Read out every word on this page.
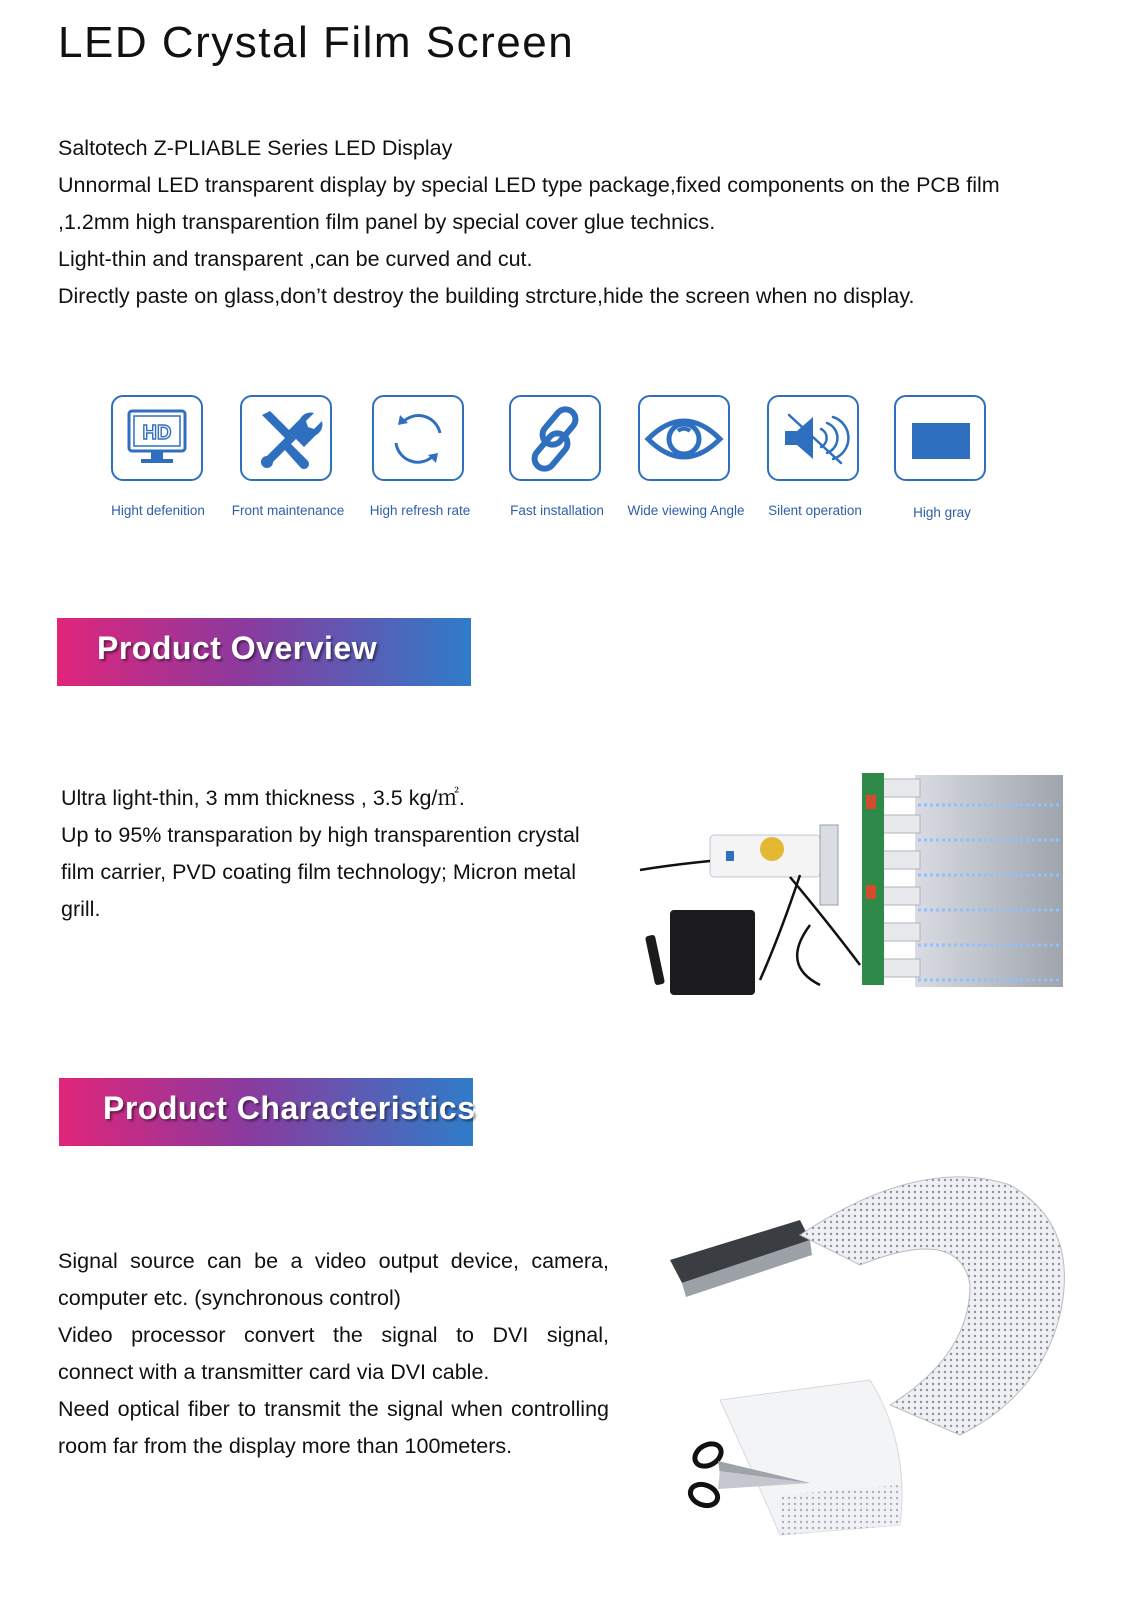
LED Crystal Film Screen
Saltotech Z-PLIABLE Series LED Display
Unnormal LED transparent display by special LED type package,fixed components on the PCB film
,1.2mm high transparention film panel by special cover glue technics.
Light-thin and transparent ,can be curved and cut.
Directly paste on glass,don’t destroy the building strcture,hide the screen when no display.
HD
Hight defenition	Front maintenance	High refresh rate	Fast installation	Wide viewing Angle	Silent operation	High gray
Product Overview
Ultra light-thin, 3 mm thickness , 3.5 kg/㎡.
Up to 95% transparation by high transparention crystal
film carrier, PVD coating film technology; Micron metal
grill.
Product Characteristics
Signal source can be a video output device, camera,
computer etc. (synchronous control)
Video processor convert the signal to DVI signal,
connect with a transmitter card via DVI cable.
Need optical fiber to transmit the signal when controlling
room far from the display more than 100meters.
